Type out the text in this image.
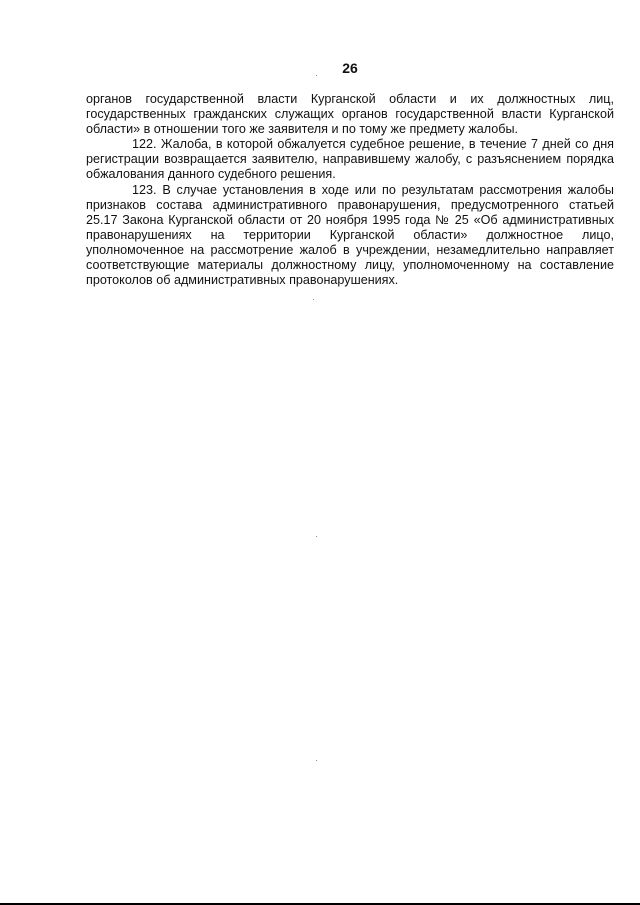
26

органов государственной власти Курганской области и их должностных лиц, государственных гражданских служащих органов государственной власти Курганской области» в отношении того же заявителя и по тому же предмету жалобы.

122. Жалоба, в которой обжалуется судебное решение, в течение 7 дней со дня регистрации возвращается заявителю, направившему жалобу, с разъяснением порядка обжалования данного судебного решения.

123. В случае установления в ходе или по результатам рассмотрения жалобы признаков состава административного правонарушения, предусмотренного статьей 25.17 Закона Курганской области от 20 ноября 1995 года № 25 «Об административных правонарушениях на территории Курганской области» должностное лицо, уполномоченное на рассмотрение жалоб в учреждении, незамедлительно направляет соответствующие материалы должностному лицу, уполномоченному на составление протоколов об административных правонарушениях.
